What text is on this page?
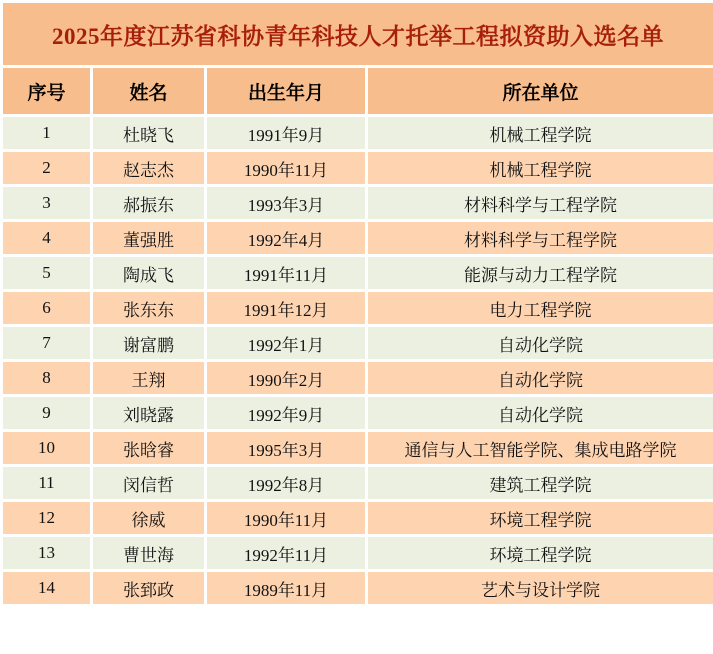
2025年度江苏省科协青年科技人才托举工程拟资助入选名单			
序号	姓名	出生年月	所在单位
1	杜晓飞	1991年9月	机械工程学院
2	赵志杰	1990年11月	机械工程学院
3	郝振东	1993年3月	材料科学与工程学院
4	董强胜	1992年4月	材料科学与工程学院
5	陶成飞	1991年11月	能源与动力工程学院
6	张东东	1991年12月	电力工程学院
7	谢富鹏	1992年1月	自动化学院
8	王翔	1990年2月	自动化学院
9	刘晓露	1992年9月	自动化学院
10	张晗睿	1995年3月	通信与人工智能学院、集成电路学院
11	闵信哲	1992年8月	建筑工程学院
12	徐威	1990年11月	环境工程学院
13	曹世海	1992年11月	环境工程学院
14	张郅政	1989年11月	艺术与设计学院
